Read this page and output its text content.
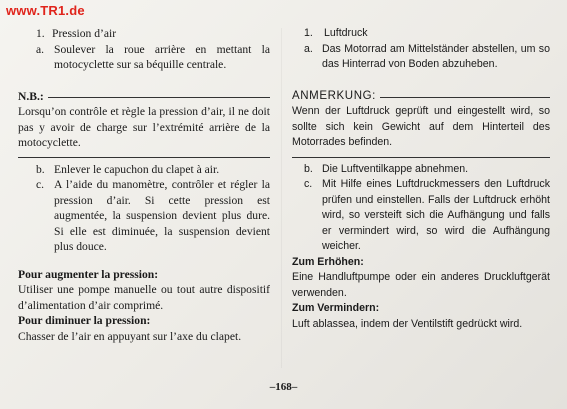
www.TR1.de
1. Pression d’air
a. Soulever la roue arrière en mettant la motocyclette sur sa béquille centrale.
N.B.:
Lorsqu’on contrôle et règle la pression d’air, il ne doit pas y avoir de charge sur l’extrémité arrière de la motocyclette.
b. Enlever le capuchon du clapet à air.
c. A l’aide du manomètre, contrôler et régler la pression d’air. Si cette pression est augmentée, la suspension devient plus dure. Si elle est diminuée, la suspension devient plus douce.
Pour augmenter la pression:
Utiliser une pompe manuelle ou tout autre dispositif d’alimentation d’air comprimé.
Pour diminuer la pression:
Chasser de l’air en appuyant sur l’axe du clapet.
1.	Luftdruck
a. Das Motorrad am Mittelständer abstellen, um so das Hinterrad von Boden abzuheben.
ANMERKUNG:
Wenn der Luftdruck geprüft und eingestellt wird, so sollte sich kein Gewicht auf dem Hinterteil des Motorrades befinden.
b. Die Luftventilkappe abnehmen.
c. Mit Hilfe eines Luftdruckmessers den Luftdruck prüfen und einstellen. Falls der Luftdruck erhöht wird, so versteift sich die Aufhängung und falls er vermindert wird, so wird die Aufhängung weicher.
Zum Erhöhen:
Eine Handluftpumpe oder ein anderes Druckluftgerät verwenden.
Zum Vermindern:
Luft ablassea, indem der Ventilstift gedrückt wird.
–168–
